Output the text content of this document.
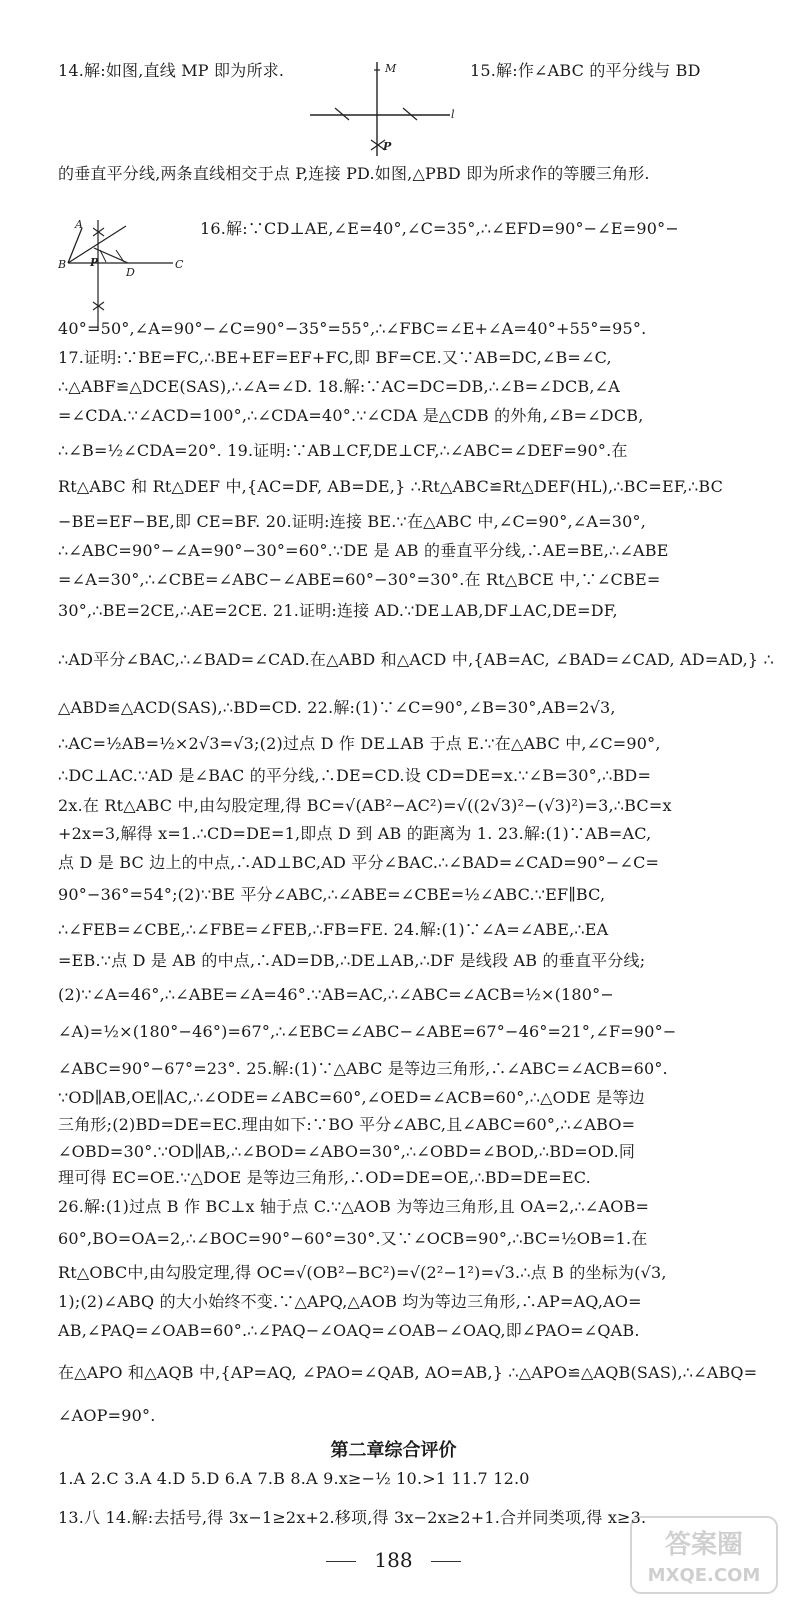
14.解:如图,直线 MP 即为所求.	15.解:作∠ABC 的平分线与 BD
M
l
P
的垂直平分线,两条直线相交于点 P,连接 PD.如图,△PBD 即为所求作的等腰三角形.
A
P
B
D
C
16.解:∵CD⊥AE,∠E=40°,∠C=35°,∴∠EFD=90°−∠E=90°−
40°=50°,∠A=90°−∠C=90°−35°=55°,∴∠FBC=∠E+∠A=40°+55°=95°.
17.证明:∵BE=FC,∴BE+EF=EF+FC,即 BF=CE.又∵AB=DC,∠B=∠C,
∴△ABF≌△DCE(SAS),∴∠A=∠D. 18.解:∵AC=DC=DB,∴∠B=∠DCB,∠A
=∠CDA.∵∠ACD=100°,∴∠CDA=40°.∵∠CDA 是△CDB 的外角,∠B=∠DCB,
∴∠B=½∠CDA=20°. 19.证明:∵AB⊥CF,DE⊥CF,∴∠ABC=∠DEF=90°.在
Rt△ABC 和 Rt△DEF 中,{AC=DF, AB=DE,} ∴Rt△ABC≌Rt△DEF(HL),∴BC=EF,∴BC
−BE=EF−BE,即 CE=BF. 20.证明:连接 BE.∵在△ABC 中,∠C=90°,∠A=30°,
∴∠ABC=90°−∠A=90°−30°=60°.∵DE 是 AB 的垂直平分线,∴AE=BE,∴∠ABE
=∠A=30°,∴∠CBE=∠ABC−∠ABE=60°−30°=30°.在 Rt△BCE 中,∵∠CBE=
30°,∴BE=2CE,∴AE=2CE. 21.证明:连接 AD.∵DE⊥AB,DF⊥AC,DE=DF,
∴AD平分∠BAC,∴∠BAD=∠CAD.在△ABD 和△ACD 中,{AB=AC, ∠BAD=∠CAD, AD=AD,} ∴
△ABD≌△ACD(SAS),∴BD=CD. 22.解:(1)∵∠C=90°,∠B=30°,AB=2√3,
∴AC=½AB=½×2√3=√3;(2)过点 D 作 DE⊥AB 于点 E.∵在△ABC 中,∠C=90°,
∴DC⊥AC.∵AD 是∠BAC 的平分线,∴DE=CD.设 CD=DE=x.∵∠B=30°,∴BD=
2x.在 Rt△ABC 中,由勾股定理,得 BC=√(AB²−AC²)=√((2√3)²−(√3)²)=3,∴BC=x
+2x=3,解得 x=1.∴CD=DE=1,即点 D 到 AB 的距离为 1. 23.解:(1)∵AB=AC,
点 D 是 BC 边上的中点,∴AD⊥BC,AD 平分∠BAC.∴∠BAD=∠CAD=90°−∠C=
90°−36°=54°;(2)∵BE 平分∠ABC,∴∠ABE=∠CBE=½∠ABC.∵EF∥BC,
∴∠FEB=∠CBE,∴∠FBE=∠FEB,∴FB=FE. 24.解:(1)∵∠A=∠ABE,∴EA
=EB.∵点 D 是 AB 的中点,∴AD=DB,∴DE⊥AB,∴DF 是线段 AB 的垂直平分线;
(2)∵∠A=46°,∴∠ABE=∠A=46°.∵AB=AC,∴∠ABC=∠ACB=½×(180°−
∠A)=½×(180°−46°)=67°,∴∠EBC=∠ABC−∠ABE=67°−46°=21°,∠F=90°−
∠ABC=90°−67°=23°. 25.解:(1)∵△ABC 是等边三角形,∴∠ABC=∠ACB=60°.
∵OD∥AB,OE∥AC,∴∠ODE=∠ABC=60°,∠OED=∠ACB=60°,∴△ODE 是等边
三角形;(2)BD=DE=EC.理由如下:∵BO 平分∠ABC,且∠ABC=60°,∴∠ABO=
∠OBD=30°.∵OD∥AB,∴∠BOD=∠ABO=30°,∴∠OBD=∠BOD,∴BD=OD.同
理可得 EC=OE.∵△DOE 是等边三角形,∴OD=DE=OE,∴BD=DE=EC.
26.解:(1)过点 B 作 BC⊥x 轴于点 C.∵△AOB 为等边三角形,且 OA=2,∴∠AOB=
60°,BO=OA=2,∴∠BOC=90°−60°=30°.又∵∠OCB=90°,∴BC=½OB=1.在
Rt△OBC中,由勾股定理,得 OC=√(OB²−BC²)=√(2²−1²)=√3.∴点 B 的坐标为(√3,
1);(2)∠ABQ 的大小始终不变.∵△APQ,△AOB 均为等边三角形,∴AP=AQ,AO=
AB,∠PAQ=∠OAB=60°.∴∠PAQ−∠OAQ=∠OAB−∠OAQ,即∠PAO=∠QAB.
在△APO 和△AQB 中,{AP=AQ, ∠PAO=∠QAB, AO=AB,} ∴△APO≌△AQB(SAS),∴∠ABQ=
∠AOP=90°.
第二章综合评价
1.A 2.C 3.A 4.D 5.D 6.A 7.B 8.A 9.x≥−½ 10.>1 11.7 12.0
13.八 14.解:去括号,得 3x−1≥2x+2.移项,得 3x−2x≥2+1.合并同类项,得 x≥3.
188	答案圈
MXQE.COM
